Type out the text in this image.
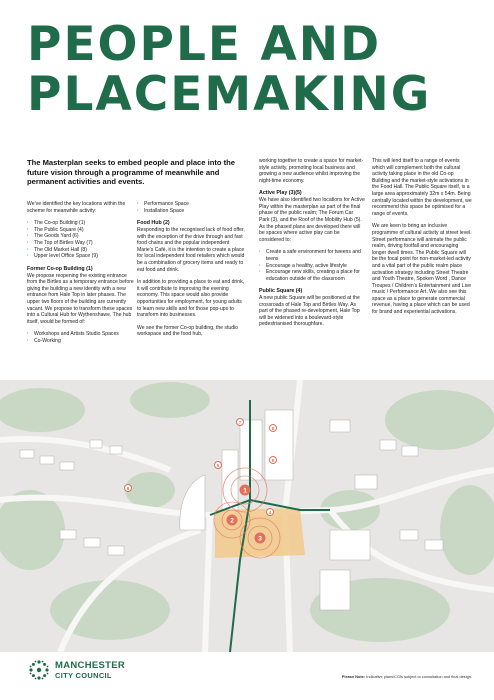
PEOPLE AND
PLACEMAKING

The Masterplan seeks to embed people and place into the future vision through a programme of meanwhile and permanent activities and events.

We’ve identified the key locations within the scheme for meanwhile activity:

· The Co-op Building (1)
· The Public Square (4)
· The Goods Yard (6)
· The Top of Birtles Way (7)
· The Old Market Hall (8)
· Upper level Office Space (9)
Former Co-op Building (1)

We propose reopening the existing entrance from the Birtles as a temporary entrance before giving the building a new identity with a new entrance from Hale Top in later phases. The upper two floors of the building are currently vacant. We propose to transform these spaces into a Cultural Hub for Wythenshawe. The hub itself, would be formed of:

· Workshops and Artists Studio Spaces
· Co-Working
· Performance Space
· Installation Space
Food Hub (2)

Responding to the recognised lack of food offer, with the exception of the drive through and fast food chains and the popular independent Marie’s Café, it is the intention to create a place for local independent food retailers which would be a combination of grocery items and ready to eat food and drink.

In addition to providing a place to eat and drink, it will contribute to improving the evening economy. This space would also provide opportunities for employment, for young adults to learn new skills and for those pop-ups to transform into businesses.

We see the former Co-op building, the studio workspace and the food hub,

working together to create a space for market-style activity, promoting local business and growing a new audience whilst improving the night-time economy.

Active Play (3)(5)

We have also identified two locations for Active Play within the masterplan as part of the final phase of the public realm; The Forum Car Park (3), and the Roof of the Mobility Hub (5). As the phased plans are developed there will be spaces where active play can be considered to:

· Create a safe environment for tweens and teens
· Encourage a healthy, active lifestyle
· Encourage new skills, creating a place for education outside of the classroom
Public Square (4)

A new public Square will be positioned at the crossroads of Hale Top and Birtles Way. As part of the phased re-development, Hale Top will be widened into a boulevard-style pedestrianised thoroughfare.

This will lend itself to a range of events which will complement both the cultural activity taking place in the old Co-op Building and the market-style activations in the Food Hall. The Public Square itself, is a large area approximately 32m x 54m. Being centrally located within the development, we recommend this space be optimised for a range of events.

We are keen to bring an inclusive programme of cultural activity at street level. Street performance will animate the public realm, driving footfall and encouraging longer dwell times. The Public Square will be the focal point for non-market-led activity and a vital part of the public realm place activation strategy including Street Theatre and Youth Theatre, Spoken Word , Dance Troupes / Children’s Entertainment and Live music / Performance Art. We also see this space as a place to generate commercial revenue, having a place which can be used for brand and experiential activations.

1
2
3
4
5
6
7
8
9
MANCHESTER
CITY COUNCIL	Please Note: Indicative plans/CGIs subject to consultation and final design.
